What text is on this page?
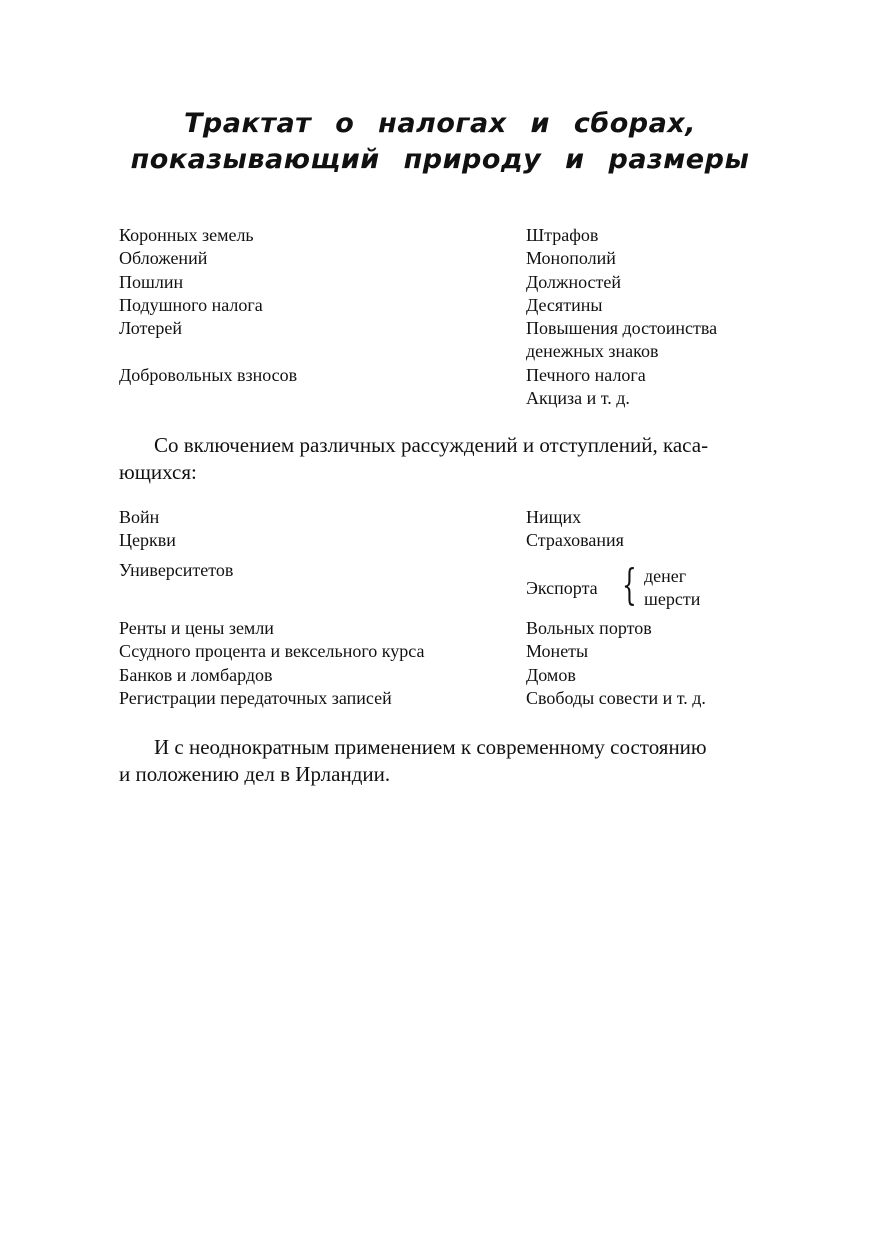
Трактат о налогах и сборах,
показывающий природу и размеры
Коронных земель
Обложений
Пошлин
Подушного налога
Лотерей
Добровольных взносов
Штрафов
Монополий
Должностей
Десятины
Повышения достоинства
денежных знаков
Печного налога
Акциза и т. д.

Со включением различных рассуждений и отступлений, каса-
ющихся:

Войн
Церкви
Университетов
Нищих
Страхования
Экспорта { денег
шерсти
Ренты и цены земли
Ссудного процента и вексельного курса
Банков и ломбардов
Регистрации передаточных записей
Вольных портов
Монеты
Домов
Свободы совести и т. д.

И с неоднократным применением к современному состоянию
и положению дел в Ирландии.
